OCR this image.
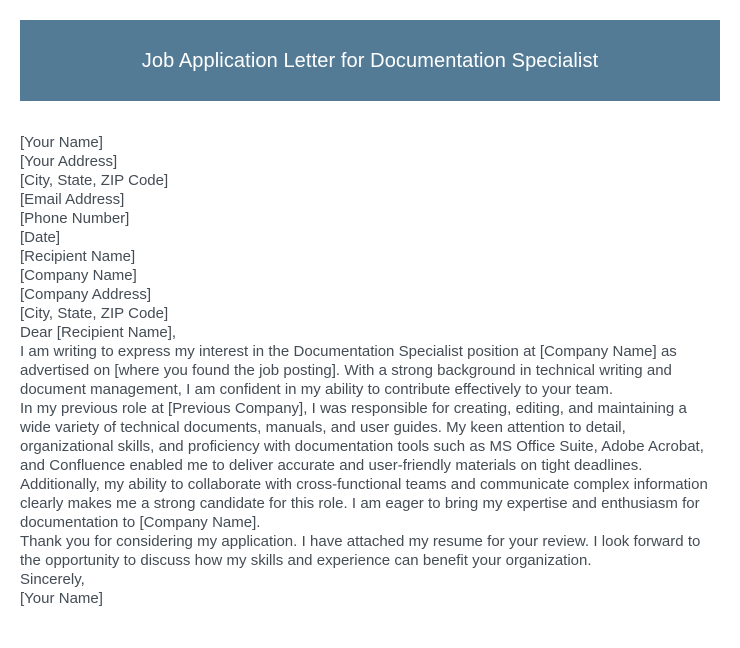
Job Application Letter for Documentation Specialist
[Your Name]
[Your Address]
[City, State, ZIP Code]
[Email Address]
[Phone Number]
[Date]
[Recipient Name]
[Company Name]
[Company Address]
[City, State, ZIP Code]
Dear [Recipient Name],

I am writing to express my interest in the Documentation Specialist position at [Company Name] as advertised on [where you found the job posting]. With a strong background in technical writing and document management, I am confident in my ability to contribute effectively to your team.

In my previous role at [Previous Company], I was responsible for creating, editing, and maintaining a wide variety of technical documents, manuals, and user guides. My keen attention to detail, organizational skills, and proficiency with documentation tools such as MS Office Suite, Adobe Acrobat, and Confluence enabled me to deliver accurate and user-friendly materials on tight deadlines.

Additionally, my ability to collaborate with cross-functional teams and communicate complex information clearly makes me a strong candidate for this role. I am eager to bring my expertise and enthusiasm for documentation to [Company Name].

Thank you for considering my application. I have attached my resume for your review. I look forward to the opportunity to discuss how my skills and experience can benefit your organization.

Sincerely,
[Your Name]
